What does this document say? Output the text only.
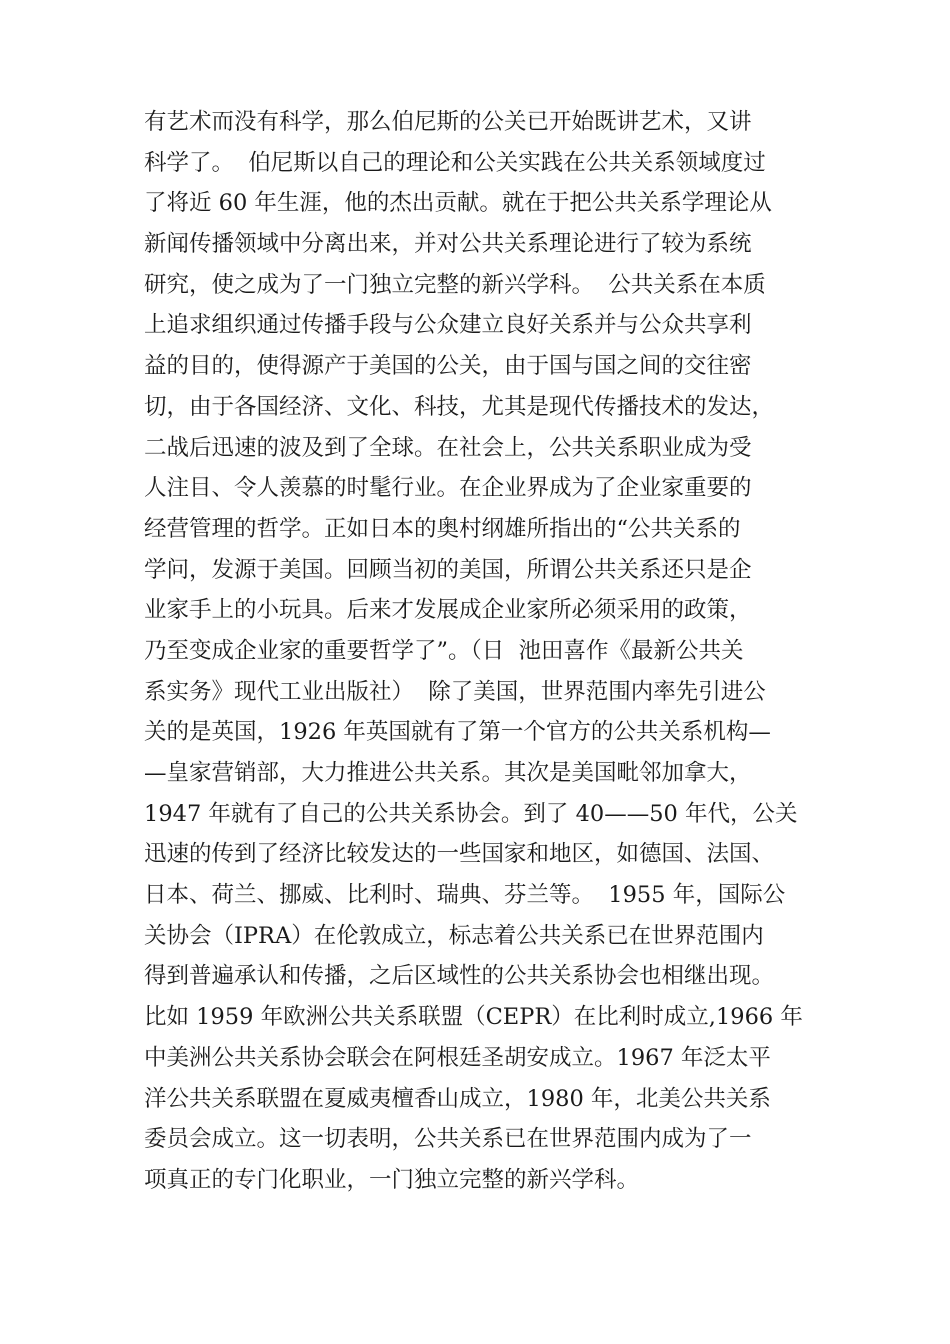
有艺术而没有科学，那么伯尼斯的公关已开始既讲艺术，又讲
科学了。  伯尼斯以自己的理论和公关实践在公共关系领域度过
了将近 60 年生涯，他的杰出贡献。就在于把公共关系学理论从
新闻传播领域中分离出来，并对公共关系理论进行了较为系统
研究，使之成为了一门独立完整的新兴学科。  公共关系在本质
上追求组织通过传播手段与公众建立良好关系并与公众共享利
益的目的，使得源产于美国的公关，由于国与国之间的交往密
切，由于各国经济、文化、科技，尤其是现代传播技术的发达，
二战后迅速的波及到了全球。在社会上，公共关系职业成为受
人注目、令人羡慕的时髦行业。在企业界成为了企业家重要的
经营管理的哲学。正如日本的奥村纲雄所指出的“公共关系的
学问，发源于美国。回顾当初的美国，所谓公共关系还只是企
业家手上的小玩具。后来才发展成企业家所必须采用的政策，
乃至变成企业家的重要哲学了”。（日  池田喜作《最新公共关
系实务》现代工业出版社）  除了美国，世界范围内率先引进公
关的是英国，1926 年英国就有了第一个官方的公共关系机构—
—皇家营销部，大力推进公共关系。其次是美国毗邻加拿大，
1947 年就有了自己的公共关系协会。到了 40——50 年代，公关
迅速的传到了经济比较发达的一些国家和地区，如德国、法国、
日本、荷兰、挪威、比利时、瑞典、芬兰等。  1955 年，国际公
关协会（IPRA）在伦敦成立，标志着公共关系已在世界范围内
得到普遍承认和传播，之后区域性的公共关系协会也相继出现。
比如 1959 年欧洲公共关系联盟（CEPR）在比利时成立,1966 年
中美洲公共关系协会联会在阿根廷圣胡安成立。1967 年泛太平
洋公共关系联盟在夏威夷檀香山成立，1980 年，北美公共关系
委员会成立。这一切表明，公共关系已在世界范围内成为了一
项真正的专门化职业，一门独立完整的新兴学科。
